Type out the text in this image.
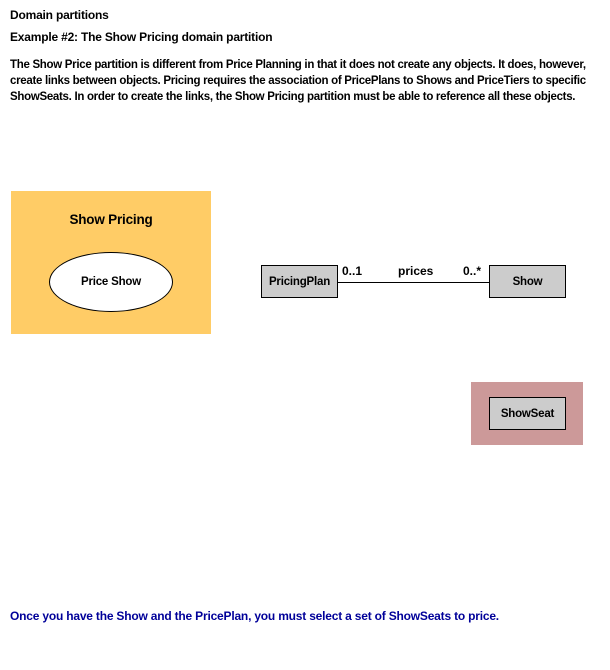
Domain partitions
Example #2: The Show Pricing domain partition
The Show Price partition is different from Price Planning in that it does not create any objects. It does, however, create links between objects. Pricing requires the association of PricePlans to Shows and PriceTiers to specific ShowSeats. In order to create the links, the Show Pricing partition must be able to reference all these objects.
Show Pricing
Price Show	PricingPlan
0..1	prices 0..*
Show
ShowSeat
Once you have the Show and the PricePlan, you must select a set of ShowSeats to price.
